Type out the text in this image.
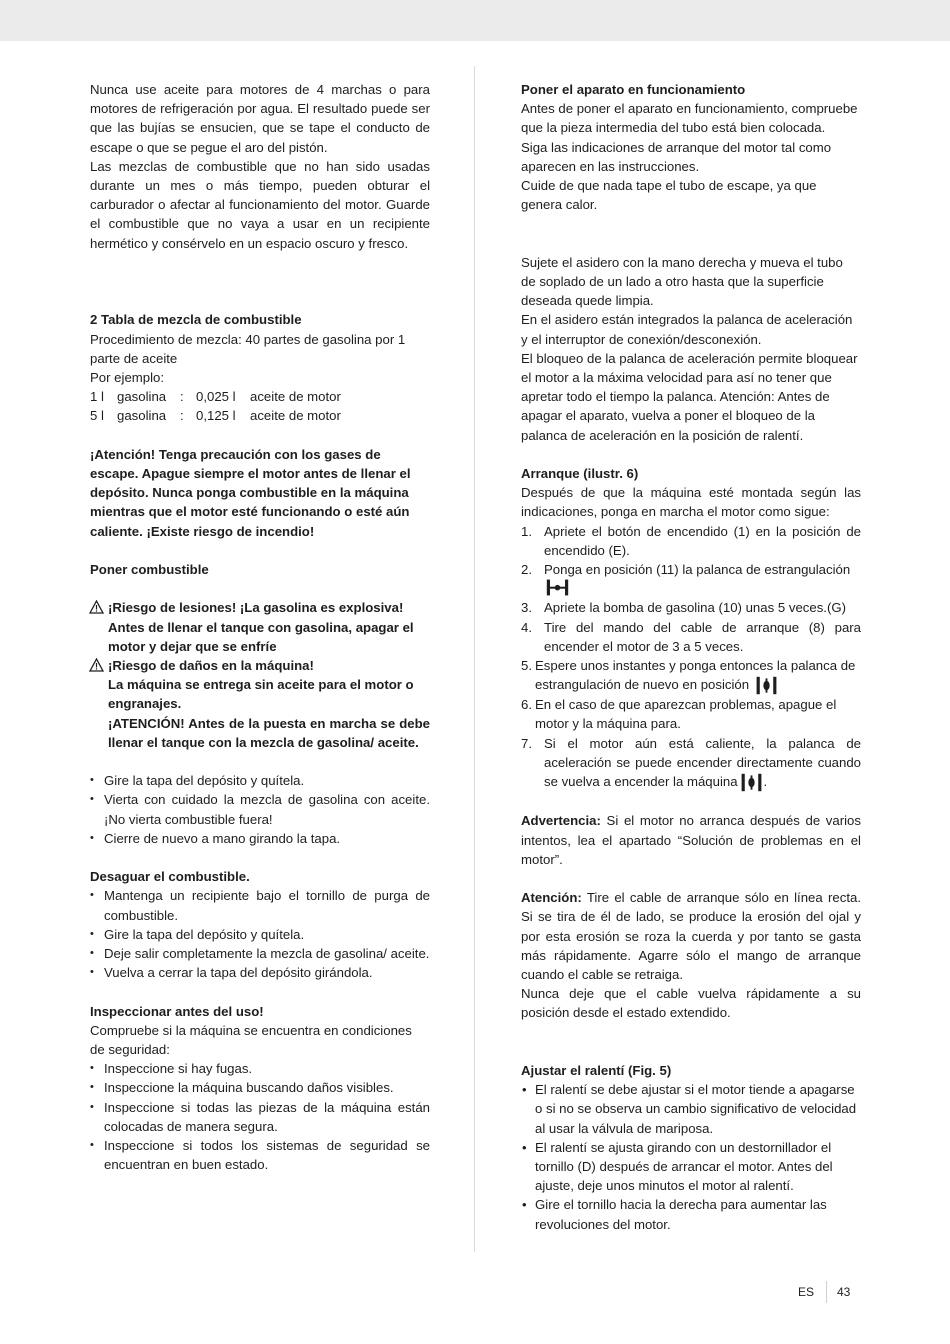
Nunca use aceite para motores de 4 marchas o para motores de refrigeración por agua. El resultado puede ser que las bujías se ensucien, que se tape el conducto de escape o que se pegue el aro del pistón.

Las mezclas de combustible que no han sido usadas durante un mes o más tiempo, pueden obturar el carburador o afectar al funcionamiento del motor. Guarde el combustible que no vaya a usar en un recipiente hermético y consérvelo en un espacio oscuro y fresco.

2 Tabla de mezcla de combustible

Procedimiento de mezcla: 40 partes de gasolina por 1 parte de aceite

Por ejemplo:

1 l gasolina	: 0,025 l	aceite de motor
5 l gasolina	: 0,125 l	aceite de motor

¡Atención! Tenga precaución con los gases de escape. Apague siempre el motor antes de llenar el depósito. Nunca ponga combustible en la máquina mientras que el motor esté funcionando o esté aún caliente. ¡Existe riesgo de incendio!

Poner combustible

¡Riesgo de lesiones! ¡La gasolina es explosiva! Antes de llenar el tanque con gasolina, apagar el motor y dejar que se enfríe
¡Riesgo de daños en la máquina!

La máquina se entrega sin aceite para el motor o engranajes.

¡ATENCIÓN! Antes de la puesta en marcha se debe llenar el tanque con la mezcla de gasolina/ aceite.

• Gire la tapa del depósito y quítela.
• Vierta con cuidado la mezcla de gasolina con aceite. ¡No vierta combustible fuera!
• Cierre de nuevo a mano girando la tapa.

Desaguar el combustible.

• Mantenga un recipiente bajo el tornillo de purga de combustible.
• Gire la tapa del depósito y quítela.
• Deje salir completamente la mezcla de gasolina/ aceite.
• Vuelva a cerrar la tapa del depósito girándola.

Inspeccionar antes del uso!

Compruebe si la máquina se encuentra en condiciones de seguridad:

• Inspeccione si hay fugas.
• Inspeccione la máquina buscando daños visibles.
• Inspeccione si todas las piezas de la máquina están colocadas de manera segura.
• Inspeccione si todos los sistemas de seguridad se encuentran en buen estado.

Poner el aparato en funcionamiento

Antes de poner el aparato en funcionamiento, compruebe que la pieza intermedia del tubo está bien colocada.

Siga las indicaciones de arranque del motor tal como aparecen en las instrucciones.

Cuide de que nada tape el tubo de escape, ya que genera calor.

Sujete el asidero con la mano derecha y mueva el tubo de soplado de un lado a otro hasta que la superficie deseada quede limpia.

En el asidero están integrados la palanca de aceleración y el interruptor de conexión/desconexión.

El bloqueo de la palanca de aceleración permite bloquear el motor a la máxima velocidad para así no tener que apretar todo el tiempo la palanca. Atención: Antes de apagar el aparato, vuelva a poner el bloqueo de la palanca de aceleración en la posición de ralentí.

Arranque (ilustr. 6)

Después de que la máquina esté montada según las indicaciones, ponga en marcha el motor como sigue:

1. Apriete el botón de encendido (1) en la posición de encendido (E).
2. Ponga en posición (11) la palanca de estrangulación

3. Apriete la bomba de gasolina (10) unas 5 veces.(G)
4. Tire del mando del cable de arranque (8) para encender el motor de 3 a 5 veces.
5. Espere unos instantes y ponga entonces la palanca de estrangulación de nuevo en posición
6. En el caso de que aparezcan problemas, apague el motor y la máquina para.
7. Si el motor aún está caliente, la palanca de aceleración se puede encender directamente cuando se vuelva a encender la máquina .

Advertencia: Si el motor no arranca después de varios intentos, lea el apartado “Solución de problemas en el motor”.

Atención: Tire el cable de arranque sólo en línea recta. Si se tira de él de lado, se produce la erosión del ojal y por esta erosión se roza la cuerda y por tanto se gasta más rápidamente. Agarre sólo el mango de arranque cuando el cable se retraiga.

Nunca deje que el cable vuelva rápidamente a su posición desde el estado extendido.

Ajustar el ralentí (Fig. 5)

• El ralentí se debe ajustar si el motor tiende a apagarse o si no se observa un cambio significativo de velocidad al usar la válvula de mariposa.
• El ralentí se ajusta girando con un destornillador el tornillo (D) después de arrancar el motor. Antes del ajuste, deje unos minutos el motor al ralentí.
• Gire el tornillo hacia la derecha para aumentar las revoluciones del motor.
ES 43
